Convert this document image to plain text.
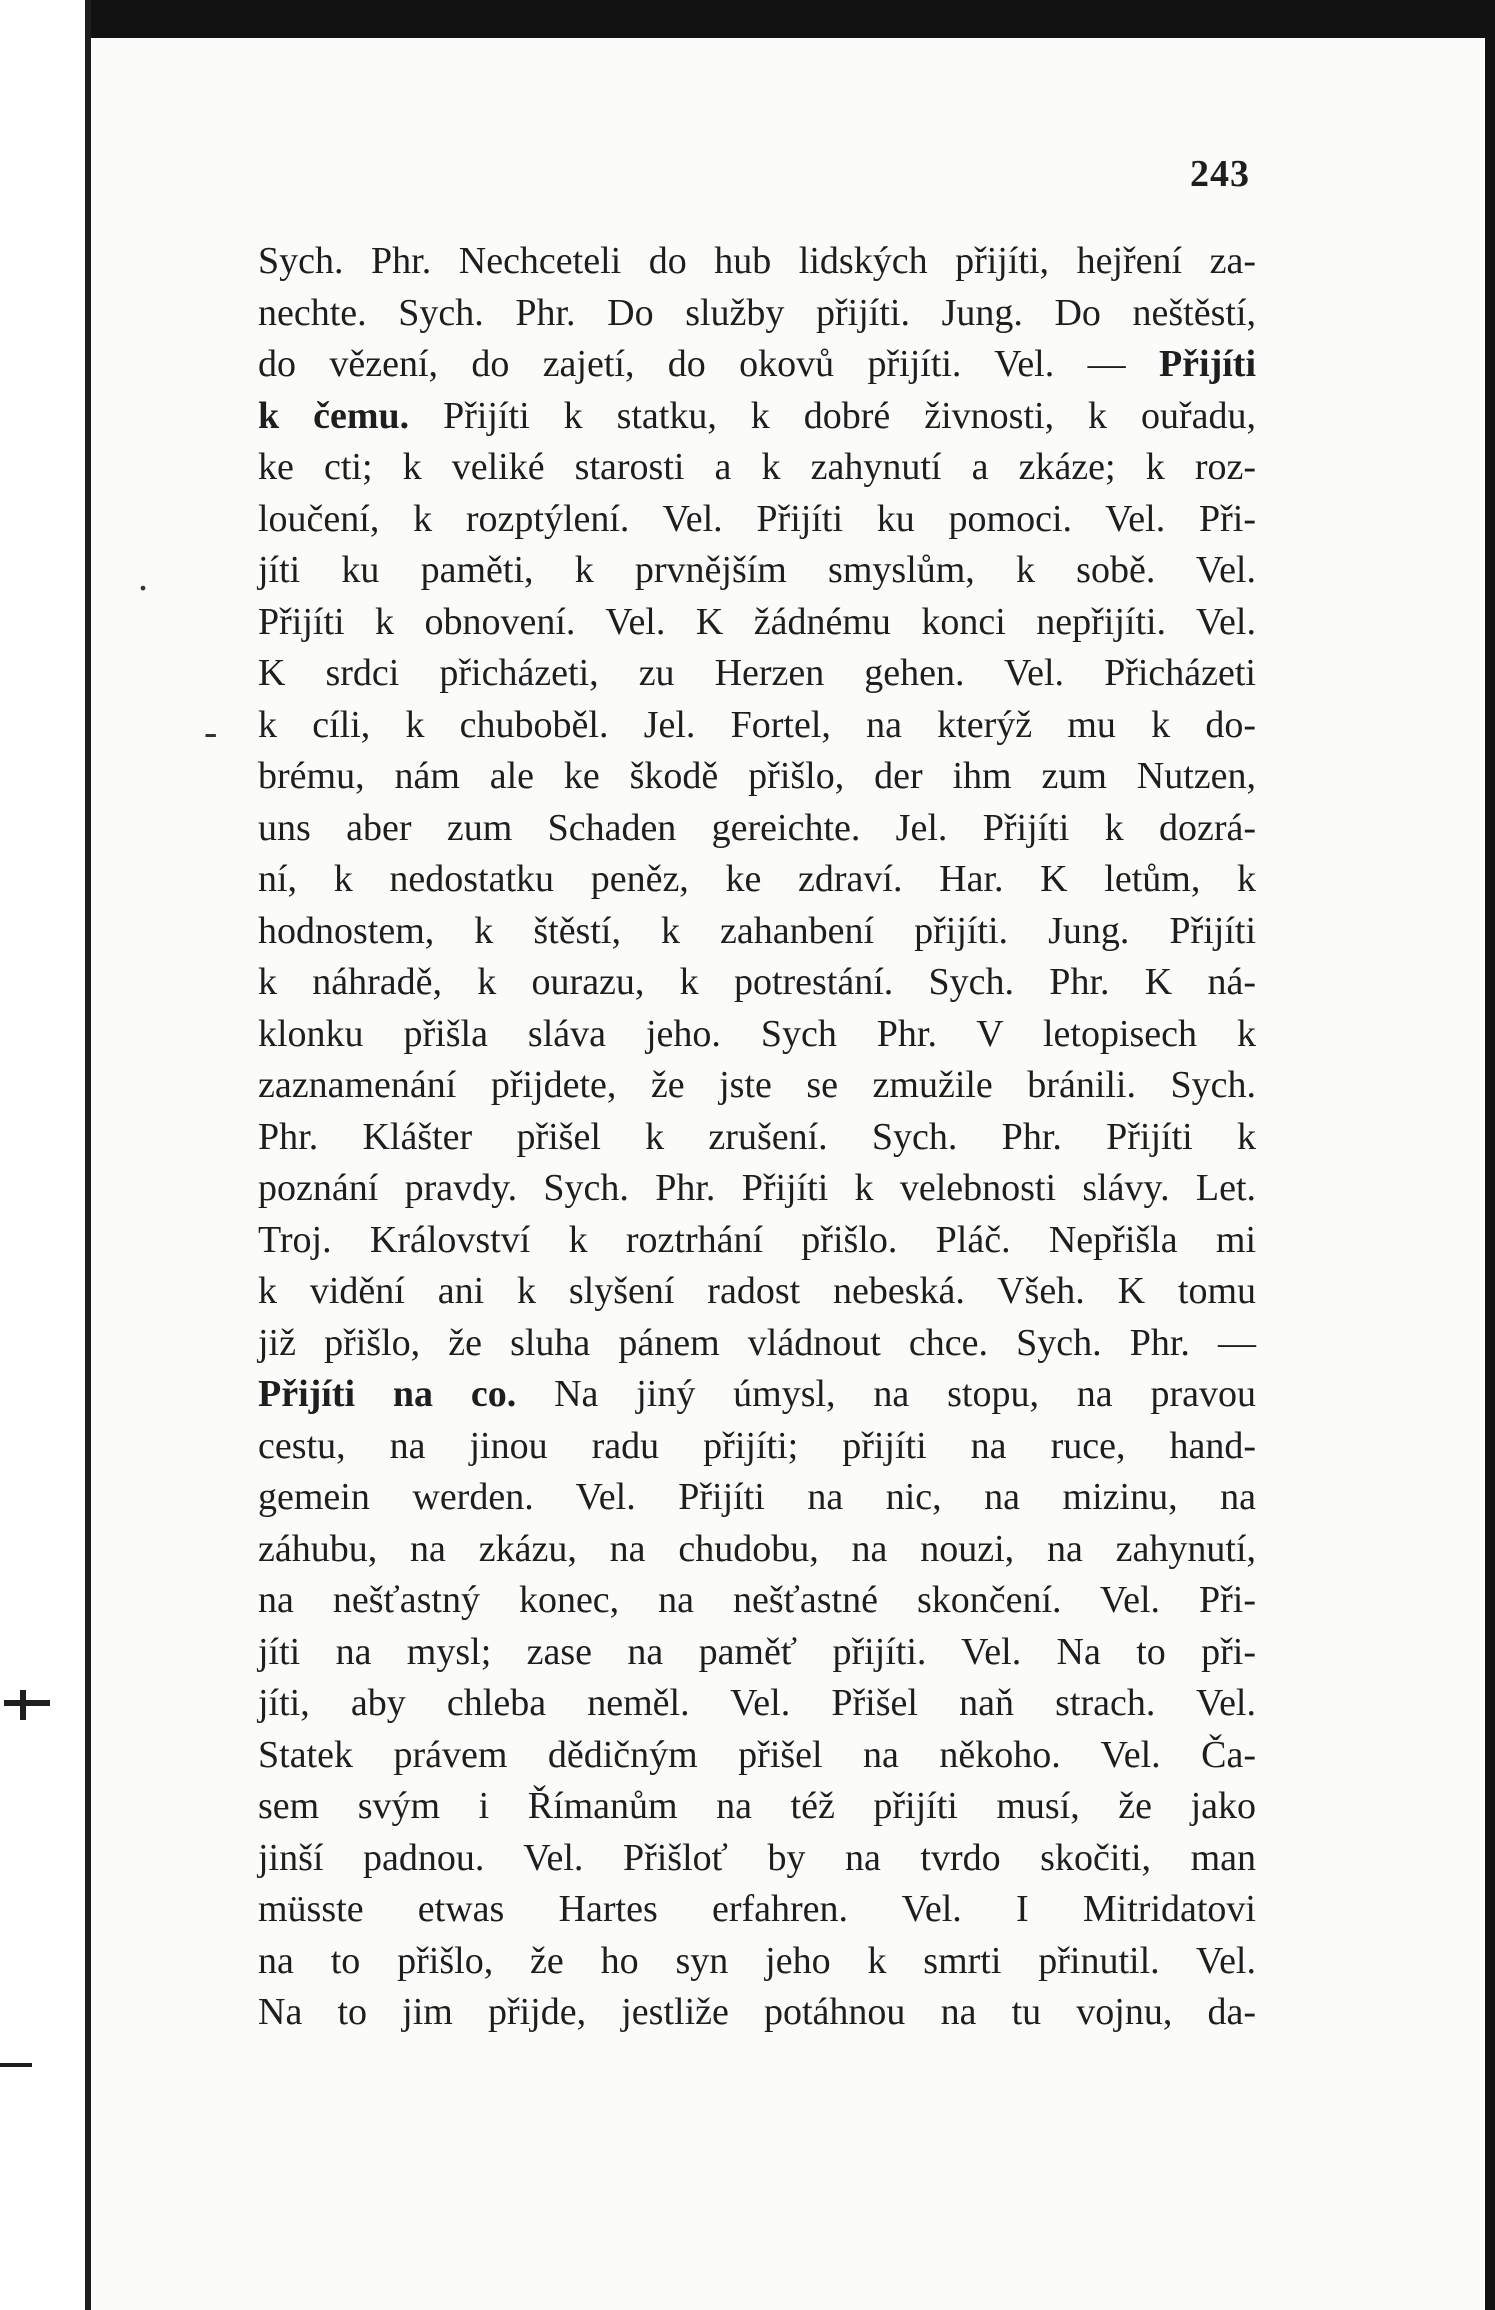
243
.
-
Sych. Phr. Nechceteli do hub lidských přijíti, hejření za-
nechte. Sych. Phr. Do služby přijíti. Jung. Do neštěstí,
do vězení, do zajetí, do okovů přijíti. Vel. — Přijíti
k čemu. Přijíti k statku, k dobré živnosti, k ouřadu,
ke cti; k veliké starosti a k zahynutí a zkáze; k roz-
loučení, k rozptýlení. Vel. Přijíti ku pomoci. Vel. Při-
jíti ku paměti, k prvnějším smyslům, k sobě. Vel.
Přijíti k obnovení. Vel. K žádnému konci nepřijíti. Vel.
K srdci přicházeti, zu Herzen gehen. Vel. Přicházeti
k cíli, k chuboběl. Jel. Fortel, na kterýž mu k do-
brému, nám ale ke škodě přišlo, der ihm zum Nutzen,
uns aber zum Schaden gereichte. Jel. Přijíti k dozrá-
ní, k nedostatku peněz, ke zdraví. Har. K letům, k
hodnostem, k štěstí, k zahanbení přijíti. Jung. Přijíti
k náhradě, k ourazu, k potrestání. Sych. Phr. K ná-
klonku přišla sláva jeho. Sych Phr. V letopisech k
zaznamenání přijdete, že jste se zmužile bránili. Sych.
Phr. Klášter přišel k zrušení. Sych. Phr. Přijíti k
poznání pravdy. Sych. Phr. Přijíti k velebnosti slávy. Let.
Troj. Království k roztrhání přišlo. Pláč. Nepřišla mi
k vidění ani k slyšení radost nebeská. Všeh. K tomu
již přišlo, že sluha pánem vládnout chce. Sych. Phr. —
Přijíti na co. Na jiný úmysl, na stopu, na pravou
cestu, na jinou radu přijíti; přijíti na ruce, hand-
gemein werden. Vel. Přijíti na nic, na mizinu, na
záhubu, na zkázu, na chudobu, na nouzi, na zahynutí,
na nešťastný konec, na nešťastné skončení. Vel. Při-
jíti na mysl; zase na paměť přijíti. Vel. Na to při-
jíti, aby chleba neměl. Vel. Přišel naň strach. Vel.
Statek právem dědičným přišel na někoho. Vel. Ča-
sem svým i Římanům na též přijíti musí, že jako
jinší padnou. Vel. Přišloť by na tvrdo skočiti, man
müsste etwas Hartes erfahren. Vel. I Mitridatovi
na to přišlo, že ho syn jeho k smrti přinutil. Vel.
Na to jim přijde, jestliže potáhnou na tu vojnu, da-
